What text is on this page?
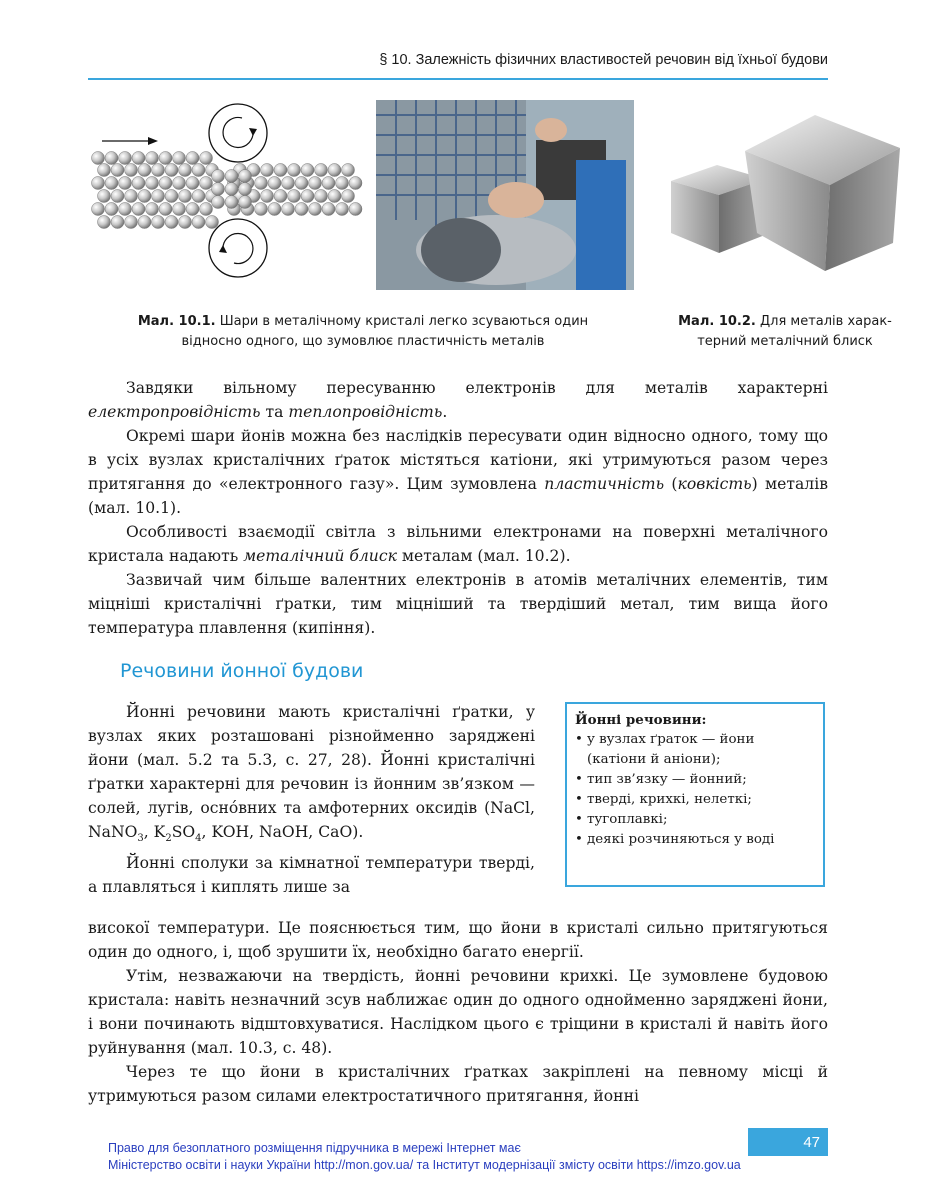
§ 10. Залежність фізичних властивостей речовин від їхньої будови
Мал. 10.1. Шари в металічному кристалі легко зсуваються один
відносно одного, що зумовлює пластичність металів
Мал. 10.2. Для металів харак-
терний металічний блиск
Завдяки вільному пересуванню електронів для металів характерні електропровідність та теплопровідність.
Окремі шари йонів можна без наслідків пересувати один відносно одного, тому що в усіх вузлах кристалічних ґраток містяться катіони, які утримуються разом через притягання до «електронного газу». Цим зумовлена пластичність (ковкість) металів (мал. 10.1).
Особливості взаємодії світла з вільними електронами на поверхні металічного кристала надають металічний блиск металам (мал. 10.2).
Зазвичай чим більше валентних електронів в атомів металічних елементів, тим міцніші кристалічні ґратки, тим міцніший та твердіший метал, тим вища його температура плавлення (кипіння).
Речовини йонної будови
Йонні речовини мають кристалічні ґратки, у вузлах яких розташовані різнойменно заряджені йони (мал. 5.2 та 5.3, с. 27, 28). Йонні кристалічні ґратки характерні для речовин із йонним зв’язком — солей, лугів, осно́вних та амфотерних оксидів (NaCl, NaNO$_3$, $K_2SO_4$, KOH, NaOH, CaO).
Йонні сполуки за кімнатної температури тверді, а плавляться і киплять лише за
Йонні речовини:
• у вузлах ґраток — йони (катіони й аніони);
• тип зв’язку — йонний;
• тверді, крихкі, нелеткі;
• тугоплавкі;
• деякі розчиняються у воді
високої температури. Це пояснюється тим, що йони в кристалі сильно притягуються один до одного, і, щоб зрушити їх, необхідно багато енергії.
Утім, незважаючи на твердість, йонні речовини крихкі. Це зумовлене будовою кристала: навіть незначний зсув наближає один до одного однойменно заряджені йони, і вони починають відштовхуватися. Наслідком цього є тріщини в кристалі й навіть його руйнування (мал. 10.3, с. 48).
Через те що йони в кристалічних ґратках закріплені на певному місці й утримуються разом силами електростатичного притягання, йонні
47
Право для безоплатного розміщення підручника в мережі Інтернет має
Міністерство освіти і науки України http://mon.gov.ua/ та Інститут модернізації змісту освіти https://imzo.gov.ua
